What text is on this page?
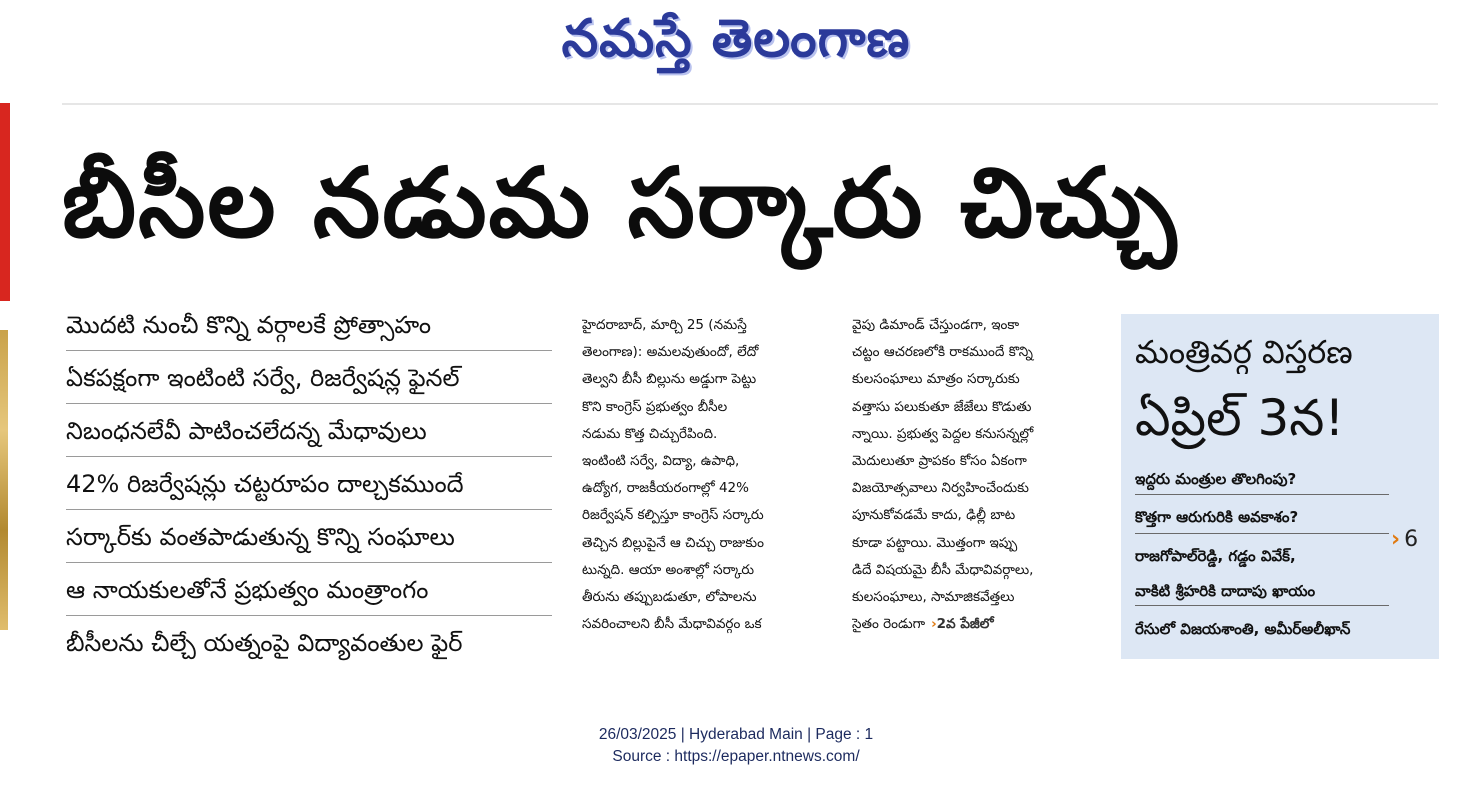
నమస్తే తెలంగాణ
బీసీల నడుమ సర్కారు చిచ్చు
మొదటి నుంచీ కొన్ని వర్గాలకే ప్రోత్సాహం
ఏకపక్షంగా ఇంటింటి సర్వే, రిజర్వేషన్ల ఫైనల్
నిబంధనలేవీ పాటించలేదన్న మేధావులు
42% రిజర్వేషన్లు చట్టరూపం దాల్చకముందే
సర్కార్‌కు వంతపాడుతున్న కొన్ని సంఘాలు
ఆ నాయకులతోనే ప్రభుత్వం మంత్రాంగం
బీసీలను చీల్చే యత్నంపై విద్యావంతుల ఫైర్
హైదరాబాద్, మార్చి 25 (నమస్తే
తెలంగాణ): అమలవుతుందో, లేదో
తెల్వని బీసీ బిల్లును అడ్డుగా పెట్టు
కొని కాంగ్రెస్ ప్రభుత్వం బీసీల
నడుమ కొత్త చిచ్చురేపింది.
ఇంటింటి సర్వే, విద్యా, ఉపాధి,
ఉద్యోగ, రాజకీయరంగాల్లో 42%
రిజర్వేషన్ కల్పిస్తూ కాంగ్రెస్ సర్కారు
తెచ్చిన బిల్లుపైనే ఆ చిచ్చు రాజుకుం
టున్నది. ఆయా అంశాల్లో సర్కారు
తీరును తప్పుబడుతూ, లోపాలను
సవరించాలని బీసీ మేధావివర్గం ఒక
వైపు డిమాండ్ చేస్తుండగా, ఇంకా
చట్టం ఆచరణలోకి రాకముందే కొన్ని
కులసంఘాలు మాత్రం సర్కారుకు
వత్తాసు పలుకుతూ జేజేలు కొడుతు
న్నాయి. ప్రభుత్వ పెద్దల కనుసన్నల్లో
మెదులుతూ ప్రాపకం కోసం ఏకంగా
విజయోత్సవాలు నిర్వహించేందుకు
పూనుకోవడమే కాదు, ఢిల్లీ బాట
కూడా పట్టాయి. మొత్తంగా ఇప్పు
డిదే విషయమై బీసీ మేధావివర్గాలు,
కులసంఘాలు, సామాజికవేత్తలు
సైతం రెండుగా ›2వ పేజీలో
మంత్రివర్గ విస్తరణ
ఏప్రిల్ 3న!
ఇద్దరు మంత్రుల తొలగింపు?
కొత్తగా ఆరుగురికి అవకాశం?
రాజగోపాల్‌రెడ్డి, గడ్డం వివేక్,
వాకిటి శ్రీహరికి దాదాపు ఖాయం
రేసులో విజయశాంతి, అమీర్‌అలీఖాన్
› 6
26/03/2025 | Hyderabad Main | Page : 1
Source : https://epaper.ntnews.com/
